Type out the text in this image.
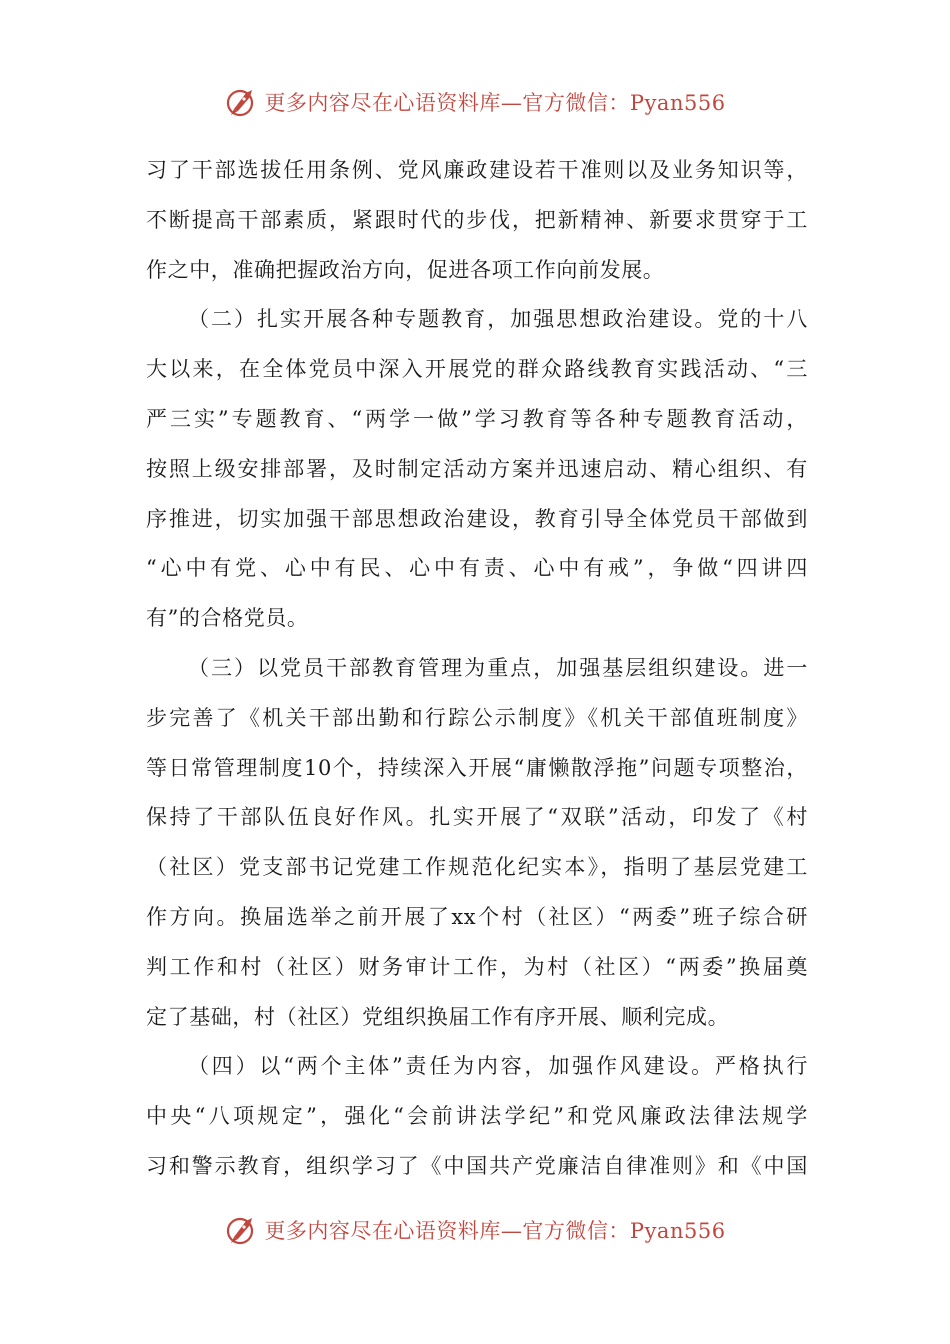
更多内容尽在心语资料库—官方微信：Pyan556
习了干部选拔任用条例、党风廉政建设若干准则以及业务知识等，
不断提高干部素质，紧跟时代的步伐，把新精神、新要求贯穿于工
作之中，准确把握政治方向，促进各项工作向前发展。
（二）扎实开展各种专题教育，加强思想政治建设。党的十八
大以来，在全体党员中深入开展党的群众路线教育实践活动、“三
严三实”专题教育、“两学一做”学习教育等各种专题教育活动，
按照上级安排部署，及时制定活动方案并迅速启动、精心组织、有
序推进，切实加强干部思想政治建设，教育引导全体党员干部做到
“心中有党、心中有民、心中有责、心中有戒”，争做“四讲四
有”的合格党员。
（三）以党员干部教育管理为重点，加强基层组织建设。进一
步完善了《机关干部出勤和行踪公示制度》《机关干部值班制度》
等日常管理制度10个，持续深入开展“庸懒散浮拖”问题专项整治，
保持了干部队伍良好作风。扎实开展了“双联”活动，印发了《村
（社区）党支部书记党建工作规范化纪实本》，指明了基层党建工
作方向。换届选举之前开展了xx个村（社区）“两委”班子综合研
判工作和村（社区）财务审计工作，为村（社区）“两委”换届奠
定了基础，村（社区）党组织换届工作有序开展、顺利完成。
（四）以“两个主体”责任为内容，加强作风建设。严格执行
中央“八项规定”，强化“会前讲法学纪”和党风廉政法律法规学
习和警示教育，组织学习了《中国共产党廉洁自律准则》和《中国
更多内容尽在心语资料库—官方微信：Pyan556
